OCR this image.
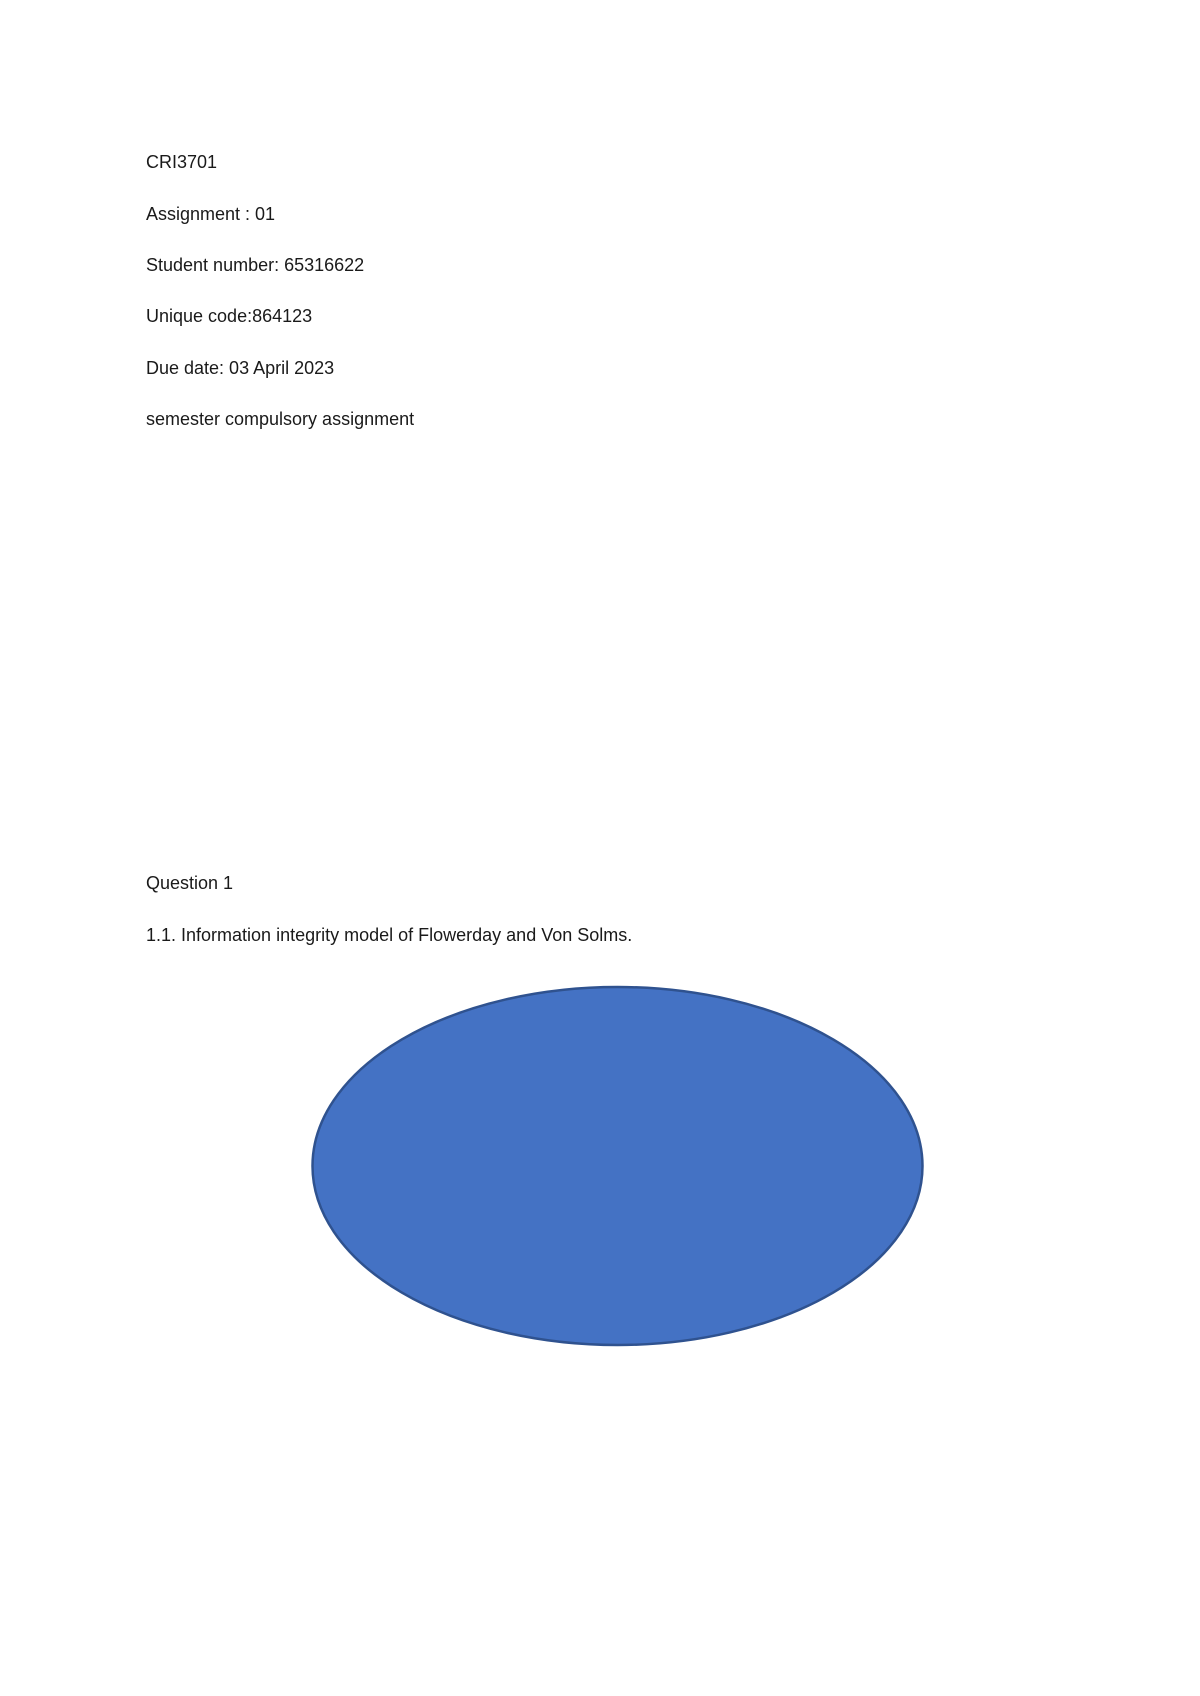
CRI3701
Assignment : 01
Student number: 65316622
Unique code:864123
Due date: 03 April 2023
semester compulsory assignment
Question 1
1.1. Information integrity model of Flowerday and Von Solms.
